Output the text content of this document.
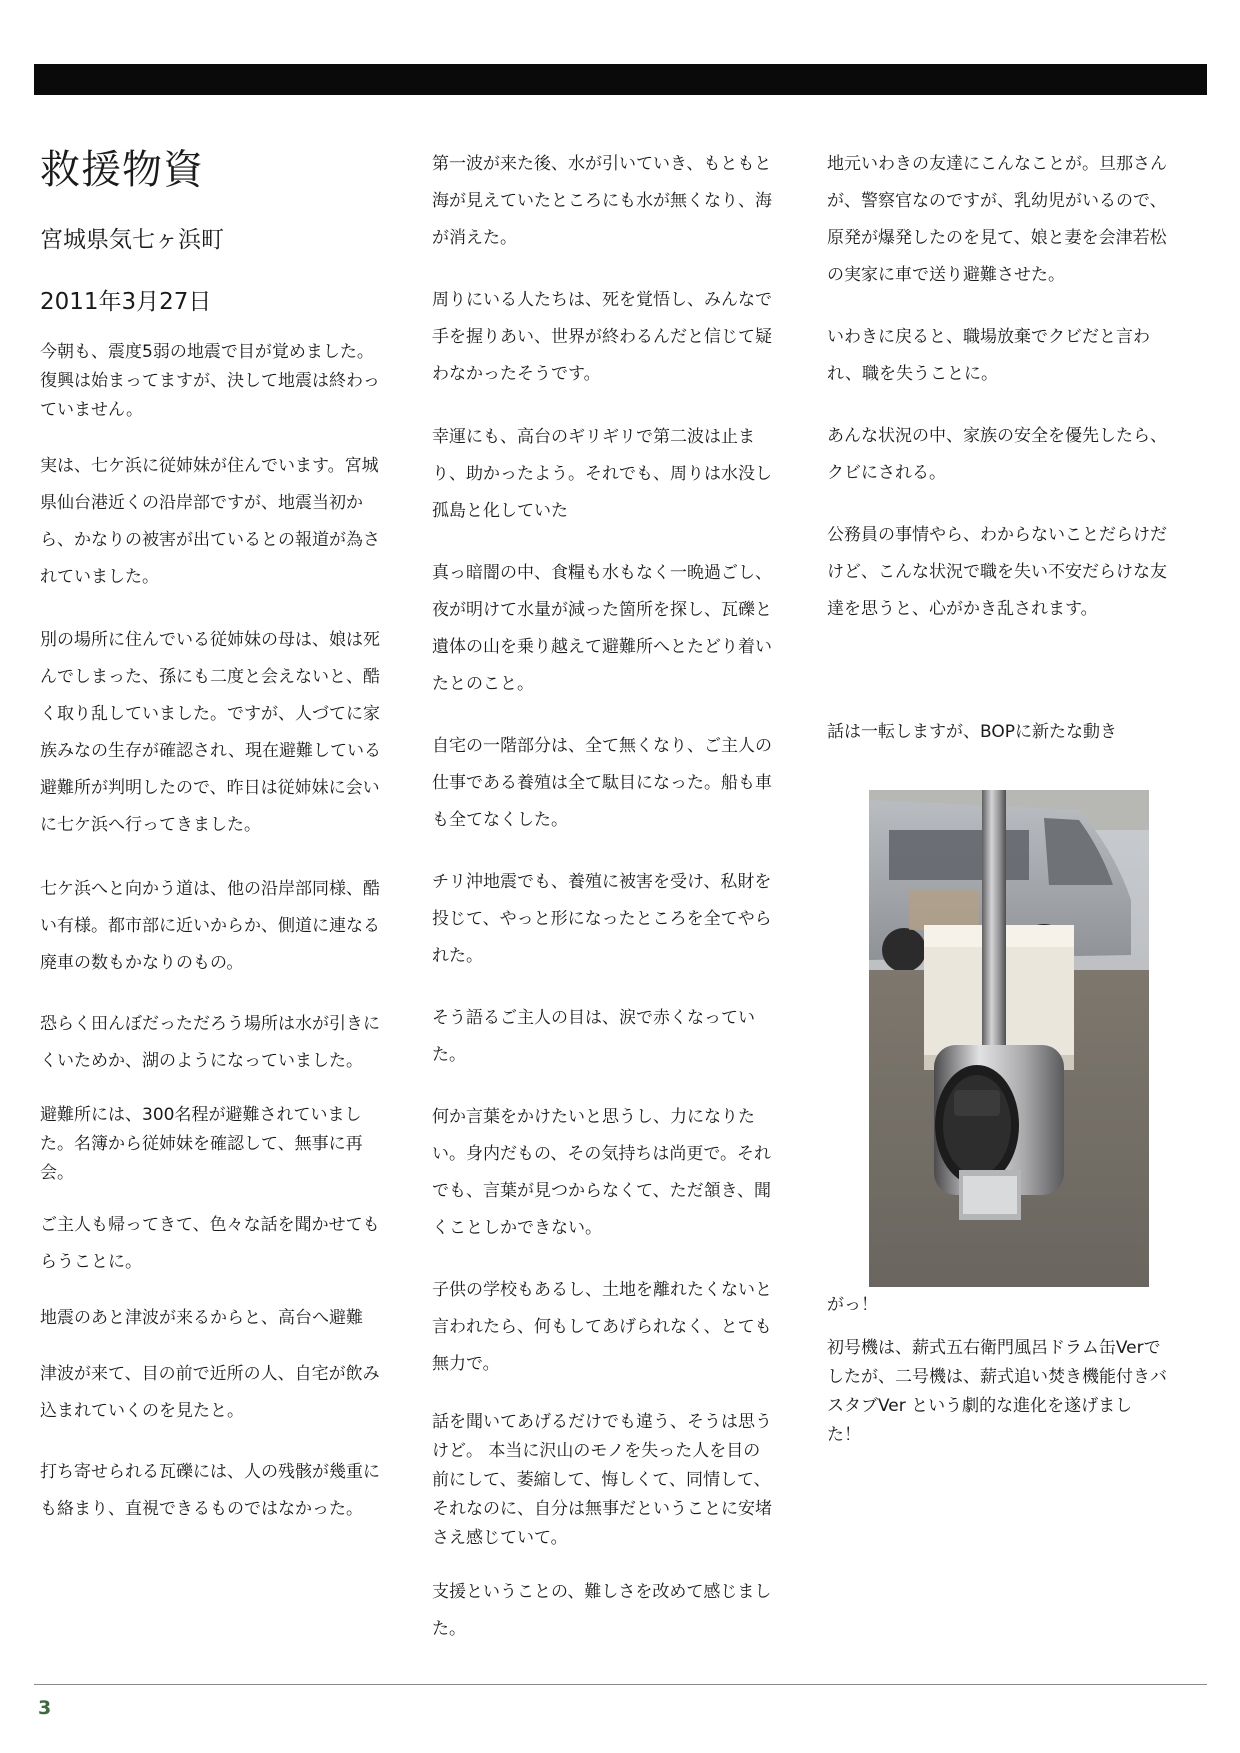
救援物資
宮城県気七ヶ浜町
2011年3月27日
今朝も、震度5弱の地震で目が覚めました。
復興は始まってますが、決して地震は終わっ
ていません。
実は、七ケ浜に従姉妹が住んでいます。宮城
県仙台港近くの沿岸部ですが、地震当初か
ら、かなりの被害が出ているとの報道が為さ
れていました。
別の場所に住んでいる従姉妹の母は、娘は死
んでしまった、孫にも二度と会えないと、酷
く取り乱していました。ですが、人づてに家
族みなの生存が確認され、現在避難している
避難所が判明したので、昨日は従姉妹に会い
に七ケ浜へ行ってきました。
七ケ浜へと向かう道は、他の沿岸部同様、酷
い有様。都市部に近いからか、側道に連なる
廃車の数もかなりのもの。
恐らく田んぼだっただろう場所は水が引きに
くいためか、湖のようになっていました。
避難所には、300名程が避難されていまし
た。名簿から従姉妹を確認して、無事に再
会。
ご主人も帰ってきて、色々な話を聞かせても
らうことに。
地震のあと津波が来るからと、高台へ避難
津波が来て、目の前で近所の人、自宅が飲み
込まれていくのを見たと。
打ち寄せられる瓦礫には、人の残骸が幾重に
も絡まり、直視できるものではなかった。
第一波が来た後、水が引いていき、もともと
海が見えていたところにも水が無くなり、海
が消えた。
周りにいる人たちは、死を覚悟し、みんなで
手を握りあい、世界が終わるんだと信じて疑
わなかったそうです。
幸運にも、高台のギリギリで第二波は止ま
り、助かったよう。それでも、周りは水没し
孤島と化していた
真っ暗闇の中、食糧も水もなく一晩過ごし、
夜が明けて水量が減った箇所を探し、瓦礫と
遺体の山を乗り越えて避難所へとたどり着い
たとのこと。
自宅の一階部分は、全て無くなり、ご主人の
仕事である養殖は全て駄目になった。船も車
も全てなくした。
チリ沖地震でも、養殖に被害を受け、私財を
投じて、やっと形になったところを全てやら
れた。
そう語るご主人の目は、涙で赤くなってい
た。
何か言葉をかけたいと思うし、力になりた
い。身内だもの、その気持ちは尚更で。それ
でも、言葉が見つからなくて、ただ頷き、聞
くことしかできない。
子供の学校もあるし、土地を離れたくないと
言われたら、何もしてあげられなく、とても
無力で。
話を聞いてあげるだけでも違う、そうは思う
けど。 本当に沢山のモノを失った人を目の
前にして、萎縮して、悔しくて、同情して、
それなのに、自分は無事だということに安堵
さえ感じていて。
支援ということの、難しさを改めて感じまし
た。
地元いわきの友達にこんなことが。旦那さん
が、警察官なのですが、乳幼児がいるので、
原発が爆発したのを見て、娘と妻を会津若松
の実家に車で送り避難させた。
いわきに戻ると、職場放棄でクビだと言わ
れ、職を失うことに。
あんな状況の中、家族の安全を優先したら、
クビにされる。
公務員の事情やら、わからないことだらけだ
けど、こんな状況で職を失い不安だらけな友
達を思うと、心がかき乱されます。
話は一転しますが、BOPに新たな動き
がっ！
初号機は、薪式五右衛門風呂ドラム缶Verで
したが、二号機は、薪式追い焚き機能付きバ
スタブVer という劇的な進化を遂げまし
た！
3
